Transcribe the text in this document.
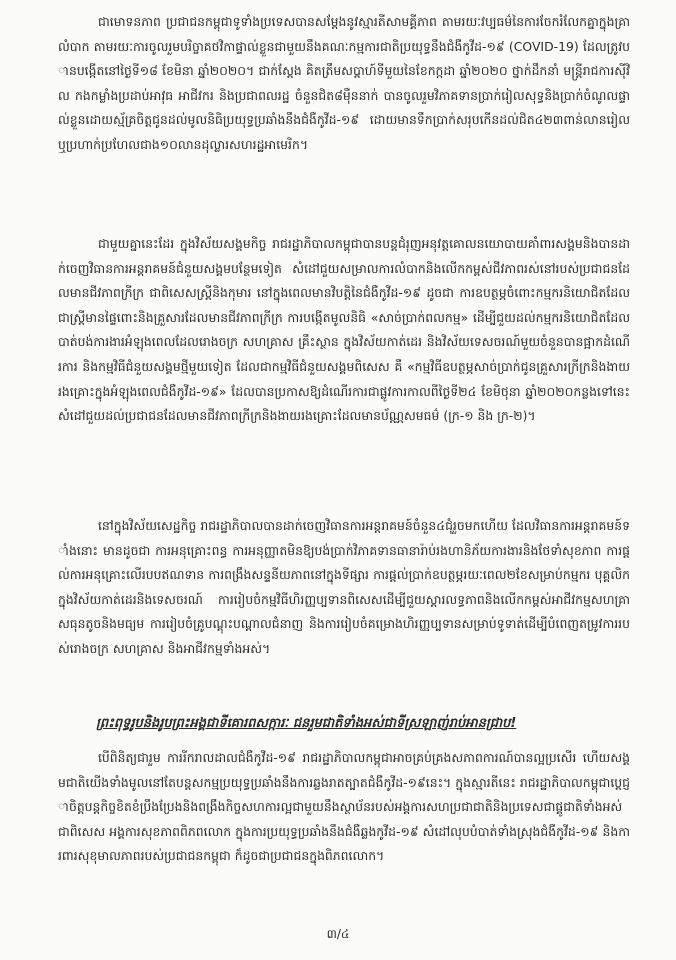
ជាមោទនភាព ប្រជាជនកម្ពុជាទូទាំងប្រទេសបានសម្តែងនូវស្មារតីសាមគ្គីភាព តាមរយៈវប្បធម៌នៃការចែករំលែកគ្នាក្នុងគ្រាលំបាក តាមរយៈការចូលរួមបរិច្ចាគថវិកាផ្ទាល់ខ្លួនជាមួយនឹងគណៈកម្មការជាតិប្រយុទ្ធនឹងជំងឺកូវីដ-១៩ (COVID-19) ដែលត្រូវបានបង្កើតនៅថ្ងៃទី១៨ ខែមិនា ឆ្នាំ២០២០។ ជាក់ស្តែង គិតត្រឹមសប្តាហ៍ទីមួយនៃខែកក្កដា ឆ្នាំ២០២០ ថ្នាក់ដឹកនាំ មន្ត្រីរាជការស៊ីវិល កងកម្លាំងប្រដាប់អាវុធ អាជីវករ និងប្រជាពលរដ្ឋ ចំនួនជិត៨ម៉ឺននាក់ បានចូលរួមវិភាគទានប្រាក់រៀលសុទ្ធនិងប្រាក់ចំណូលផ្ទាល់ខ្លួនដោយស្ម័គ្រចិត្តជូនដល់មូលនិធិប្រយុទ្ធប្រឆាំងនឹងជំងឺកូវីដ-១៩ ដោយមានទឹកប្រាក់សរុបកើនដល់ជិត៤២៣ពាន់លានរៀល ឬប្រហាក់ប្រហែលជាង១០លានដុល្លារសហរដ្ឋអាមេរិក។

ជាមួយគ្នានេះដែរ ក្នុងវិស័យសង្គមកិច្ច រាជរដ្ឋាភិបាលកម្ពុជាបានបន្តជំរុញអនុវត្តគោលនយោបាយគាំពារសង្គមនិងបានដាក់ចេញវិធានការអន្តរាគមន៍ជំនួយសង្គមបន្ថែមទៀត សំដៅជួយសម្រាលការលំបាកនិងលើកកម្ពស់ជីវភាពរស់នៅរបស់ប្រជាជនដែលមានជីវភាពក្រីក្រ ជាពិសេសស្ត្រីនិងកុមារ នៅក្នុងពេលមានវិបត្តិនៃជំងឺកូវីដ-១៩ ដូចជា ការឧបត្ថម្ភចំពោះកម្មករនិយោជិតដែលជាស្ត្រីមានផ្ទៃពោះនិងគ្រួសារដែលមានជីវភាពក្រីក្រ ការបង្កើតមូលនិធិ «សាច់ប្រាក់ពលកម្ម» ដើម្បីជួយដល់កម្មករនិយោជិតដែលបាត់បង់ការងារអំឡុងពេលដែលរោងចក្រ សហគ្រាស គ្រឹះស្ថាន ក្នុងវិស័យកាត់ដេរ និងវិស័យទេសចរណ៍មួយចំនួនបានផ្អាកដំណើរការ និងកម្មវិធីជំនួយសង្គមថ្មីមួយទៀត ដែលជាកម្មវិធីជំនួយសង្គមពិសេស គឺ «កម្មវិធីឧបត្ថម្ភសាច់ប្រាក់ជូនគ្រួសារក្រីក្រនិងងាយរងគ្រោះក្នុងអំឡុងពេលជំងឺកូវីដ-១៩» ដែលបានប្រកាសឱ្យដំណើរការជាផ្លូវការកាលពីថ្ងៃទី២៤ ខែមិថុនា ឆ្នាំ២០២០កន្លងទៅនេះ សំដៅជួយដល់ប្រជាជនដែលមានជីវភាពក្រីក្រនិងងាយរងគ្រោះដែលមានប័ណ្ណសមធម៌ (ក្រ-១ និង ក្រ-២)។

នៅក្នុងវិស័យសេដ្ឋកិច្ច រាជរដ្ឋាភិបាលបានដាក់ចេញវិធានការអន្តរាគមន៍ចំនួន៤ជុំរួចមកហើយ ដែលវិធានការអន្តរាគមន៍ទាំងនោះ មានដូចជា ការអនុគ្រោះពន្ធ ការអនុញ្ញាតមិនឱ្យបង់ប្រាក់វិភាគទានធានារ៉ាប់រងហានិភ័យការងារនិងថែទាំសុខភាព ការផ្តល់ការអនុគ្រោះលើរបបឥណទាន ការពង្រឹងសន្ទនីយភាពនៅក្នុងទីផ្សារ ការផ្តល់ប្រាក់ឧបត្ថម្ភរយៈពេល២ខែសម្រាប់កម្មករ បុគ្គលិក ក្នុងវិស័យកាត់ដេរនិងទេសចរណ៍ ការរៀបចំកម្មវិធីហិរញ្ញប្បទានពិសេសដើម្បីជួយស្តារលទ្ធភាពនិងលើកកម្ពស់អាជីវកម្មសហគ្រាសធុនតូចនិងមធ្យម ការរៀបចំគ្រូបណ្តុះបណ្តាលជំនាញ និងការរៀបចំគម្រោងហិរញ្ញប្បទានសម្រាប់ទូទាត់ដើម្បីបំពេញតម្រូវការរបស់រោងចក្រ សហគ្រាស និងអាជីវកម្មទាំងអស់។

ព្រះពុទ្ធរូបនិងរូបព្រះអង្គជាទីគោរពសក្ការៈ ជនរួមជាតិទាំងអស់ជាទីស្រឡាញ់រាប់អានជ្រាប!

បើពិនិត្យជារួម ការរីករាលដាលជំងឺកូវីដ-១៩ រាជរដ្ឋាភិបាលកម្ពុជាអាចគ្រប់គ្រងសភាពការណ៍បានល្អប្រសើរ ហើយសង្គមជាតិយើងទាំងមូលនៅតែបន្តសកម្មប្រយុទ្ធប្រឆាំងនឹងការឆ្លងរាតត្បាតជំងឺកូវីដ-១៩នេះ។ ក្នុងស្មារតីនេះ រាជរដ្ឋាភិបាលកម្ពុជាប្តេជ្ញាចិត្តបន្តកិច្ចខិតខំប្រឹងប្រែងនិងពង្រឹងកិច្ចសហការល្អជាមួយនឹងស្ថាប័នរបស់អង្គការសហប្រជាជាតិនិងប្រទេសជាផ្គូជាតិទាំងអស់ ជាពិសេស អង្គការសុខភាពពិភពលោក ក្នុងការប្រយុទ្ធប្រឆាំងនឹងជំងឺឆ្លងកូវីដ-១៩ សំដៅលុបបំបាត់ទាំងស្រុងជំងឺកូវីដ-១៩ និងការពារសុខុមាលភាពរបស់ប្រជាជនកម្ពុជា ក៏ដូចជាប្រជាជនក្នុងពិភពលោក។

៣/៤
